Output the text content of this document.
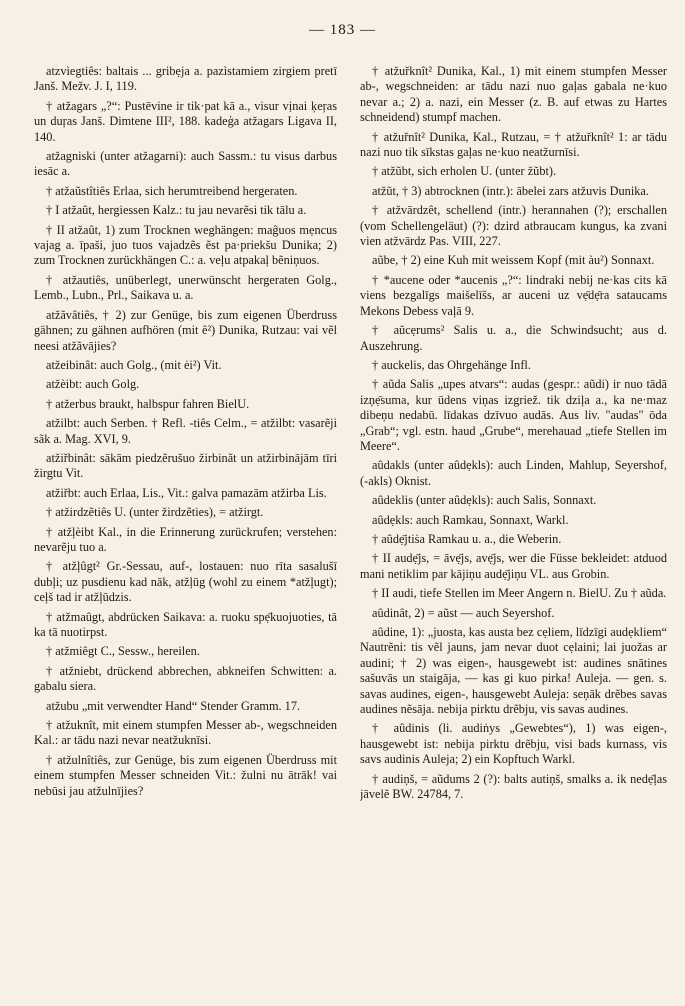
— 183 —

atzvìegtiês: baltais ... gribẹja a. pazìstamiem zirgiem pretī Janš. Mežv. J. I, 119.

† atžagars „?“: Pustēvine ir tik·pat kā a., visur vịnai ķeŗas un duŗas Janš. Dimtene III², 188. kadeģa atžagars Ligava II, 140.

atžagniski (unter atžagarni): auch Sassm.: tu visus darbus iesāc a.

† atžaũstîtiês Erlaa, sich herumtreibend hergeraten.

† I atžaût, hergiessen Kalz.: tu jau nevarẽsi tik tālu a.

† II atžaût, 1) zum Trocknen weghängen: maĝuos mẹncus vajag a. īpaši, juo tuos vajadzẽs ẽst pa·priekšu Dunika; 2) zum Trocknen zurückhängen C.: a. veļu atpakaļ bẽniņuos.

† atžautiês, unüberlegt, unerwünscht hergeraten Golg., Lemb., Lubn., Prl., Saikava u. a.

atžãvâtiês, † 2) zur Genüge, bis zum eigenen Überdruss gähnen; zu gähnen aufhören (mit ê²) Dunika, Rutzau: vai vẽl neesi atžãvājies?

atžeibinât: auch Golg., (mit ėi²) Vit.

atžèibt: auch Golg.

† atžerbus braukt, halbspur fahren BielU.

atžilbt: auch Serben. † Refl. -tiês Celm., = atžilbt: vasarẽji sãk a. Mag. XVI, 9.

atžiřbinât: sākām piedzẽrušuo žirbinãt un atžirbinājām tīri žirgtu Vit.

atžiřbt: auch Erlaa, Lis., Vit.: galva pamazām atžirba Lis.

† atžirdzẽtiês U. (unter žirdzẽties), = atžirgt.

† atžļèibt Kal., in die Erinnerung zurückrufen; verstehen: nevarẽju tuo a.

† atžļûgt² Gr.-Sessau, auf-, lostauen: nuo rīta sasalušī dubļi; uz pusdienu kad nāk, atžļūg (wohl zu einem *atžļugt); ceļš tad ir atžļūdzis.

† atžmaûgt, abdrücken Saikava: a. ruoku spẹ̄kuojuoties, tā ka tā nuotirpst.

† atžmiêgt C., Sessw., hereilen.

† atžniebt, drückend abbrechen, abkneifen Schwitten: a. gabalu siera.

atžubu „mit verwendter Hand“ Stender Gramm. 17.

† atžuknît, mit einem stumpfen Messer ab-, wegschneiden Kal.: ar tādu nazi nevar neatžuknīsi.

† atžulnîtiês, zur Genüge, bis zum eigenen Überdruss mit einem stumpfen Messer schneiden Vit.: žulni nu ātrāk! vai nebūsi jau atžulnījies?

† atžuřknît² Dunika, Kal., 1) mit einem stumpfen Messer ab-, wegschneiden: ar tādu nazi nuo gaļas gabala ne·kuo nevar a.; 2) a. nazi, ein Messer (z. B. auf etwas zu Hartes schneidend) stumpf machen.

† atžuřnît² Dunika, Kal., Rutzau, = † atžuřknît² 1: ar tādu nazi nuo tik sīkstas gaļas ne·kuo neatžurnīsi.

† atžũbt, sich erholen U. (unter žũbt).

atžũt, † 3) abtrocknen (intr.): ābelei zars atžuvis Dunika.

† atžvārdzêt, schellend (intr.) herannahen (?); erschallen (vom Schellengeläut) (?): dzird atbraucam kungus, ka zvani vien atžvārdz Pas. VIII, 227.

aũbe, † 2) eine Kuh mit weissem Kopf (mit àu²) Sonnaxt.

† *aucene oder *aucenis „?“: lindraki nebij ne·kas cits kā viens bezgalīgs maišelīšs, ar auceni uz vẹ̄dẹ̄ra sataucams Mekons Debess vaļā 9.

† aũcẹrums² Salis u. a., die Schwindsucht; aus d. Auszehrung.

† auckelis, das Ohrgehänge Infl.

† aũda Salis „upes atvars“: audas (gespr.: aũdi) ir nuo tādā izņẹ̄suma, kur ūdens viņas izgriež. tik dziļa a., ka ne·maz dibeņu nedabū. līdakas dzīvuo audās. Aus liv. "audas" ōda „Grab“; vgl. estn. haud „Grube“, merehauad „tiefe Stellen im Meere“.

aûdakls (unter aûdẹkls): auch Linden, Mahlup, Seyershof, (-akls) Oknist.

aûdeklis (unter aûdẹkls): auch Salis, Sonnaxt.

aûdẹkls: auch Ramkau, Sonnaxt, Warkl.

† aûdẹ̄jtiṡa Ramkau u. a., die Weberin.

† II audẹ̄js, = āvẹ̄js, avẹ̄js, wer die Füsse bekleidet: atduod mani netiklim par kājiņu audẹ̄jiņu VL. aus Grobin.

† II audi, tiefe Stellen im Meer Angern n. BielU. Zu † aũda.

aûdinât, 2) = aũst — auch Seyershof.

aûdine, 1): „juosta, kas austa bez cẹliem, līdzīgi audẹkliem“ Nautrẽni: tis vẽl jauns, jam nevar duot cẹlaini; lai juožas ar audini; † 2) was eigen-, hausgewebt ist: audines snātines sašuvās un staigāja, — kas gi kuo pirka! Auleja. — gen. s. savas audines, eigen-, hausgewebt Auleja: seņāk drẽbes savas audines nẽsāja. nebija pirktu drẽbju, vis savas audines.

† aûdinis (li. audiṅys „Gewebtes“), 1) was eigen-, hausgewebt ist: nebija pirktu drẽbju, visi bads kurnass, vis savs audinis Auleja; 2) ein Kopftuch Warkl.

† audiņš, = aũdums 2 (?): balts autiņš, smalks a. ik nedẹ̄ļas jāvelẽ BW. 24784, 7.
